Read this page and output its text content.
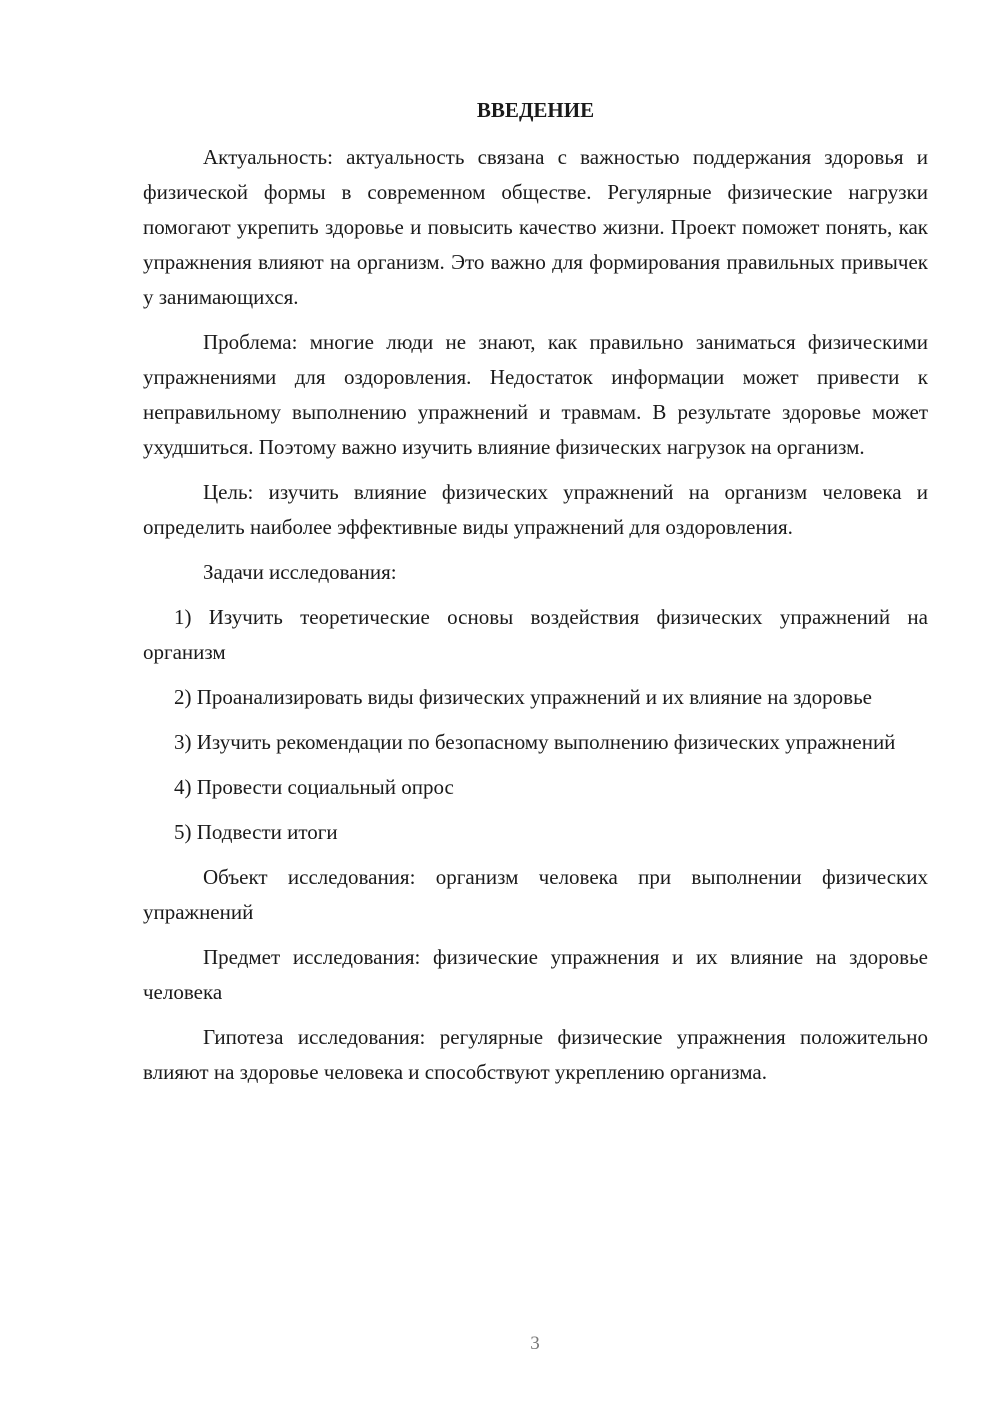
ВВЕДЕНИЕ

Актуальность: актуальность связана с важностью поддержания здоровья и физической формы в современном обществе. Регулярные физические нагрузки помогают укрепить здоровье и повысить качество жизни. Проект поможет понять, как упражнения влияют на организм. Это важно для формирования правильных привычек у занимающихся.

Проблема: многие люди не знают, как правильно заниматься физическими упражнениями для оздоровления. Недостаток информации может привести к неправильному выполнению упражнений и травмам. В результате здоровье может ухудшиться. Поэтому важно изучить влияние физических нагрузок на организм.

Цель: изучить влияние физических упражнений на организм человека и определить наиболее эффективные виды упражнений для оздоровления.

Задачи исследования:

1) Изучить теоретические основы воздействия физических упражнений на организм

2) Проанализировать виды физических упражнений и их влияние на здоровье

3) Изучить рекомендации по безопасному выполнению физических упражнений

4) Провести социальный опрос

5) Подвести итоги

Объект исследования: организм человека при выполнении физических упражнений

Предмет исследования: физические упражнения и их влияние на здоровье человека

Гипотеза исследования: регулярные физические упражнения положительно влияют на здоровье человека и способствуют укреплению организма.

3
